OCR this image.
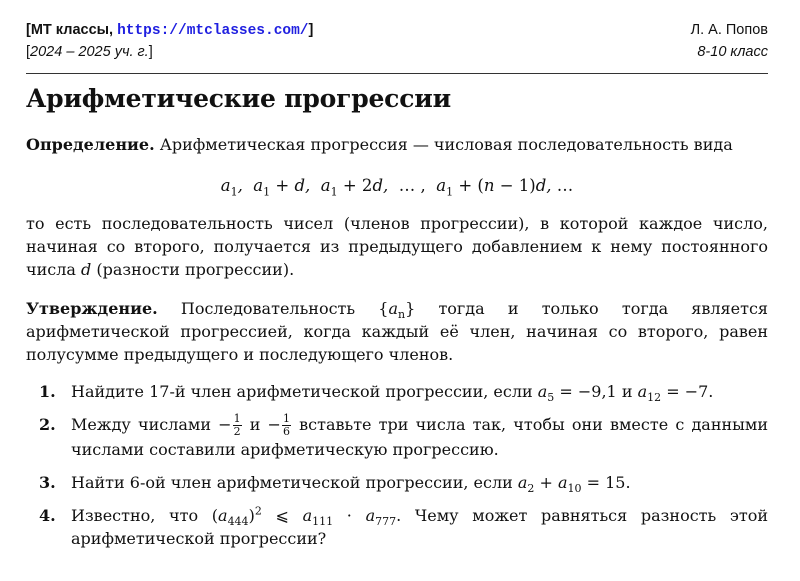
[МТ классы, https://mtclasses.com/]	Л. А. Попов
[2024 – 2025 уч. г.]	8-10 класс
Арифметические прогрессии
Определение. Арифметическая прогрессия — числовая последовательность вида
$a_1$,  $a_1 + d$,  $a_1 + 2d$,  … ,  $a_1 + (n - 1)d$, …
то есть последовательность чисел (членов прогрессии), в которой каждое число, начиная со второго, получается из предыдущего добавлением к нему постоянного числа d (разности прогрессии).
Утверждение. Последовательность $\{a_n\}$ тогда и только тогда является арифметической прогрессией, когда каждый её член, начиная со второго, равен полусумме предыдущего и последующего членов.
1. Найдите 17-й член арифметической прогрессии, если $a_5 = -9,1$ и $a_{12} = -7$.
2. Между числами − $\frac{1}{2}$ $и - \frac{1}{6}$ вставьте три числа так, чтобы они вместе с данными числами составили арифметическую прогрессию.
3. Найти 6-ой член арифметической прогрессии, если $a_2 + a_{10} = 15$.
4. Известно, что $(a_{444})^2$ ⩽ $a_{111} \cdot a_{777}$. Чему может равняться разность этой арифметической прогрессии?
